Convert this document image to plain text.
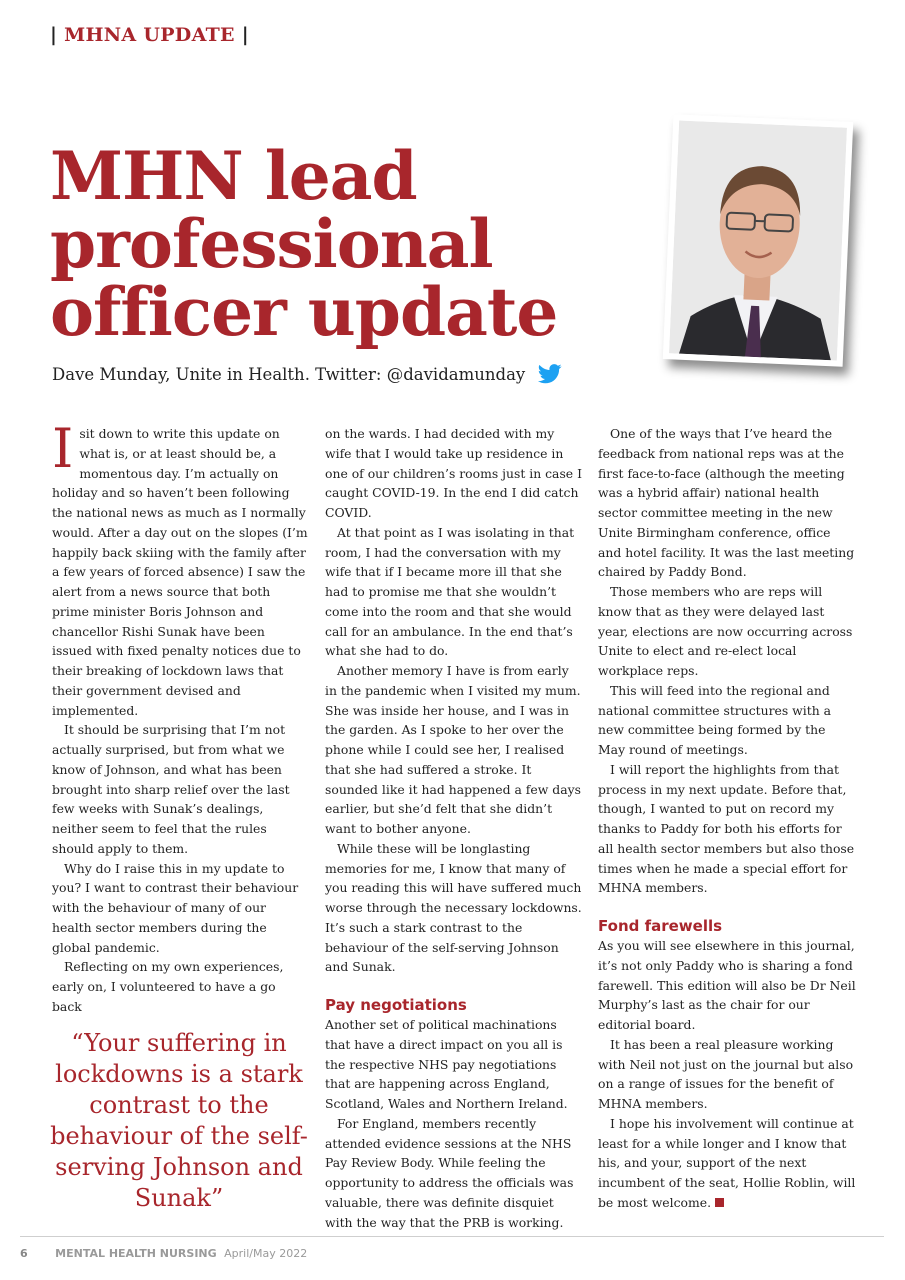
| MHNA UPDATE |
MHN lead professional officer update
Dave Munday, Unite in Health. Twitter: @davidamunday
I sit down to write this update on what is, or at least should be, a momentous day. I’m actually on holiday and so haven’t been following the national news as much as I normally would. After a day out on the slopes (I’m happily back skiing with the family after a few years of forced absence) I saw the alert from a news source that both prime minister Boris Johnson and chancellor Rishi Sunak have been issued with fixed penalty notices due to their breaking of lockdown laws that their government devised and implemented.

It should be surprising that I’m not actually surprised, but from what we know of Johnson, and what has been brought into sharp relief over the last few weeks with Sunak’s dealings, neither seem to feel that the rules should apply to them.

Why do I raise this in my update to you? I want to contrast their behaviour with the behaviour of many of our health sector members during the global pandemic.

Reflecting on my own experiences, early on, I volunteered to have a go back

“Your suffering in lockdowns is a stark contrast to the behaviour of the self-serving Johnson and Sunak”

on the wards. I had decided with my wife that I would take up residence in one of our children’s rooms just in case I caught COVID-19. In the end I did catch COVID.

At that point as I was isolating in that room, I had the conversation with my wife that if I became more ill that she had to promise me that she wouldn’t come into the room and that she would call for an ambulance. In the end that’s what she had to do.

Another memory I have is from early in the pandemic when I visited my mum. She was inside her house, and I was in the garden. As I spoke to her over the phone while I could see her, I realised that she had suffered a stroke. It sounded like it had happened a few days earlier, but she’d felt that she didn’t want to bother anyone.

While these will be longlasting memories for me, I know that many of you reading this will have suffered much worse through the necessary lockdowns. It’s such a stark contrast to the behaviour of the self-serving Johnson and Sunak.

Pay negotiations

Another set of political machinations that have a direct impact on you all is the respective NHS pay negotiations that are happening across England, Scotland, Wales and Northern Ireland.

For England, members recently attended evidence sessions at the NHS Pay Review Body. While feeling the opportunity to address the officials was valuable, there was definite disquiet with the way that the PRB is working.

One of the ways that I’ve heard the feedback from national reps was at the first face-to-face (although the meeting was a hybrid affair) national health sector committee meeting in the new Unite Birmingham conference, office and hotel facility. It was the last meeting chaired by Paddy Bond.

Those members who are reps will know that as they were delayed last year, elections are now occurring across Unite to elect and re-elect local workplace reps.

This will feed into the regional and national committee structures with a new committee being formed by the May round of meetings.

I will report the highlights from that process in my next update. Before that, though, I wanted to put on record my thanks to Paddy for both his efforts for all health sector members but also those times when he made a special effort for MHNA members.

Fond farewells

As you will see elsewhere in this journal, it’s not only Paddy who is sharing a fond farewell. This edition will also be Dr Neil Murphy’s last as the chair for our editorial board.

It has been a real pleasure working with Neil not just on the journal but also on a range of issues for the benefit of MHNA members.

I hope his involvement will continue at least for a while longer and I know that his, and your, support of the next incumbent of the seat, Hollie Roblin, will be most welcome.

6	MENTAL HEALTH NURSING April/May 2022
